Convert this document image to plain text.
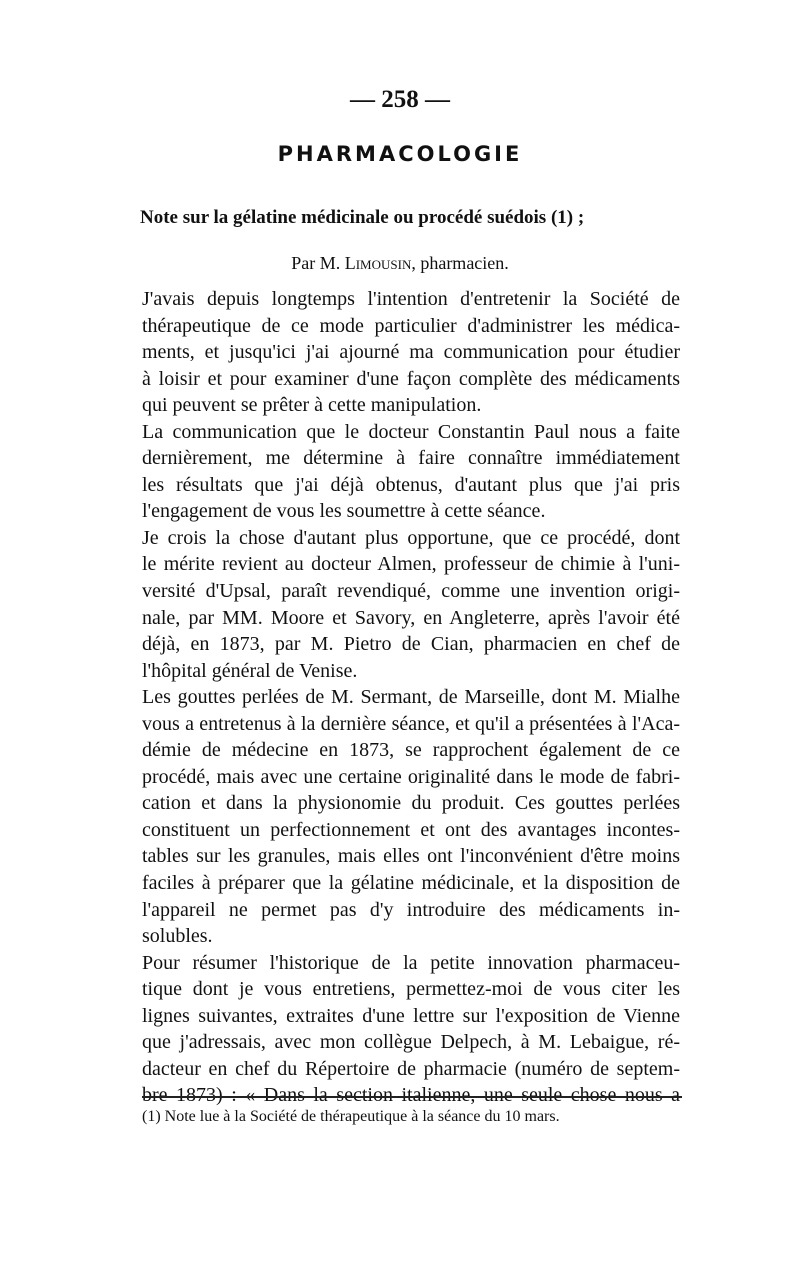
— 258 —
PHARMACOLOGIE
Note sur la gélatine médicinale ou procédé suédois (1) ;
Par M. Limousin, pharmacien.
J'avais depuis longtemps l'intention d'entretenir la Société de
thérapeutique de ce mode particulier d'administrer les médica-
ments, et jusqu'ici j'ai ajourné ma communication pour étudier
à loisir et pour examiner d'une façon complète des médicaments
qui peuvent se prêter à cette manipulation.
La communication que le docteur Constantin Paul nous a faite
dernièrement, me détermine à faire connaître immédiatement
les résultats que j'ai déjà obtenus, d'autant plus que j'ai pris
l'engagement de vous les soumettre à cette séance.
Je crois la chose d'autant plus opportune, que ce procédé, dont
le mérite revient au docteur Almen, professeur de chimie à l'uni-
versité d'Upsal, paraît revendiqué, comme une invention origi-
nale, par MM. Moore et Savory, en Angleterre, après l'avoir été
déjà, en 1873, par M. Pietro de Cian, pharmacien en chef de
l'hôpital général de Venise.
Les gouttes perlées de M. Sermant, de Marseille, dont M. Mialhe
vous a entretenus à la dernière séance, et qu'il a présentées à l'Aca-
démie de médecine en 1873, se rapprochent également de ce
procédé, mais avec une certaine originalité dans le mode de fabri-
cation et dans la physionomie du produit. Ces gouttes perlées
constituent un perfectionnement et ont des avantages incontes-
tables sur les granules, mais elles ont l'inconvénient d'être moins
faciles à préparer que la gélatine médicinale, et la disposition de
l'appareil ne permet pas d'y introduire des médicaments in-
solubles.
Pour résumer l'historique de la petite innovation pharmaceu-
tique dont je vous entretiens, permettez-moi de vous citer les
lignes suivantes, extraites d'une lettre sur l'exposition de Vienne
que j'adressais, avec mon collègue Delpech, à M. Lebaigue, ré-
dacteur en chef du Répertoire de pharmacie (numéro de septem-
bre 1873) : « Dans la section italienne, une seule chose nous a
(1) Note lue à la Société de thérapeutique à la séance du 10 mars.
